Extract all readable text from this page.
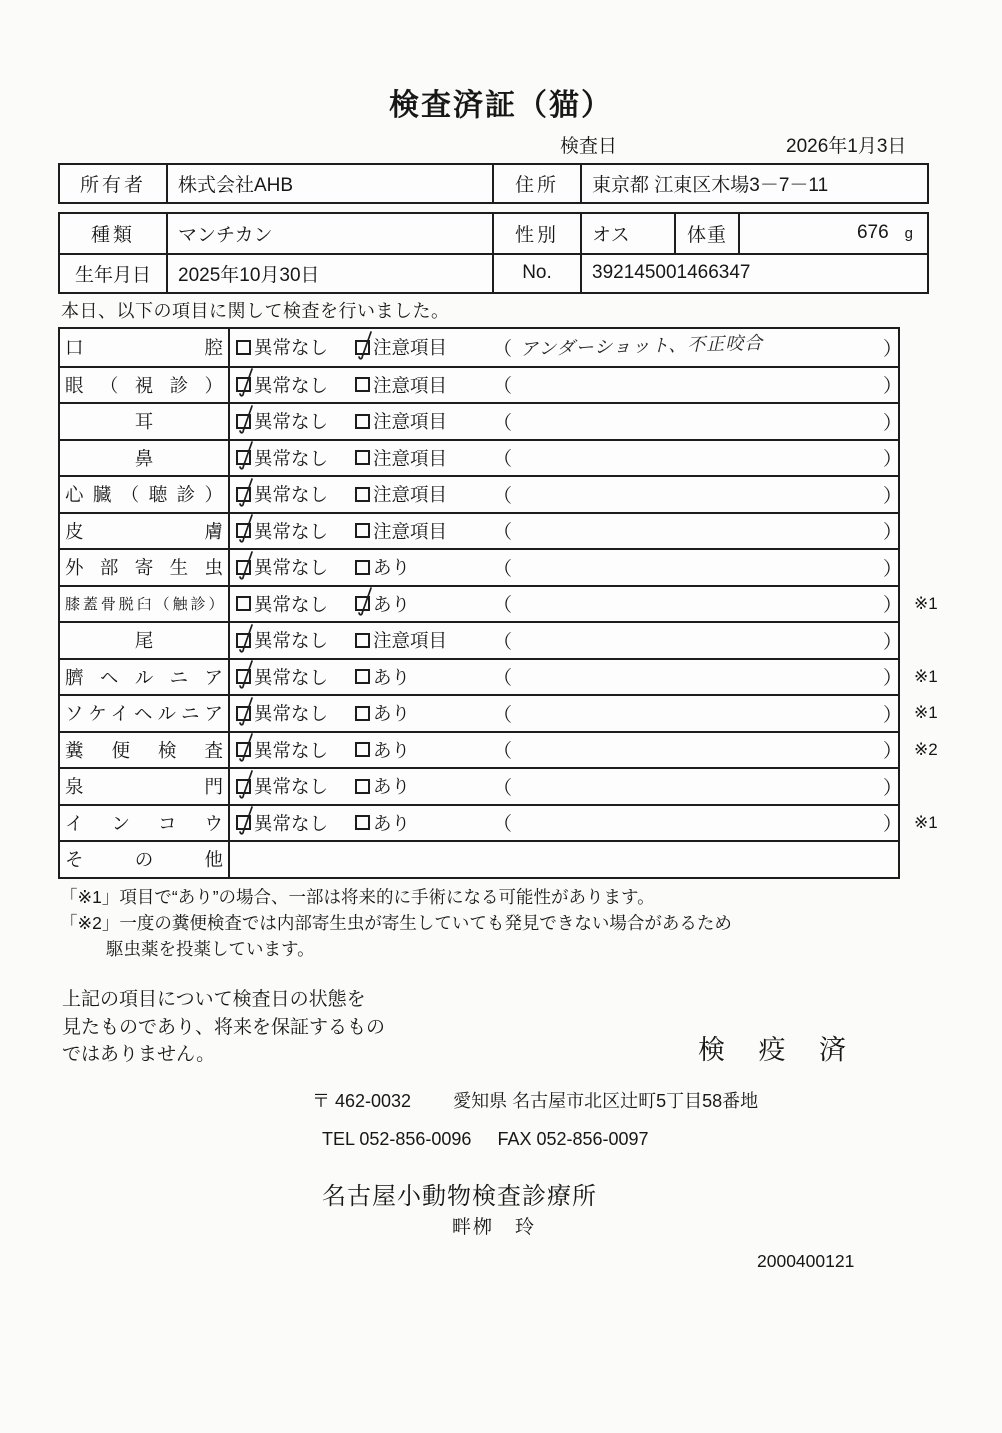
検査済証（猫）
検査日	2026年1月3日
所有者	株式会社AHB	住所	東京都 江東区木場3－7－11
種類	マンチカン	性別	オス	体重	676 g
生年月日	2025年10月30日	No.	392145001466347
本日、以下の項目に関して検査を行いました。
口腔 異常なし 注意項目 （ アンダーショット、不正咬合	）
眼（視診） 異常なし 注意項目 （	）
耳	異常なし 注意項目 （	）
鼻	異常なし 注意項目 （	）
心臓（聴診） 異常なし 注意項目 （	）
皮膚 異常なし 注意項目 （	）
外部寄生虫 異常なし あり	（	）
膝蓋骨脱臼（触診） 異常なし あり	（	） ※1
尾	異常なし 注意項目 （	）
臍ヘルニア 異常なし あり	（	） ※1
ソケイヘルニア 異常なし あり	（	） ※1
糞便検査 異常なし あり	（	） ※2
泉門 異常なし あり	（	）
インコウ 異常なし あり	（	） ※1
その他
「※1」項目で“あり”の場合、一部は将来的に手術になる可能性があります。
「※2」一度の糞便検査では内部寄生虫が寄生していても発見できない場合があるため
駆虫薬を投薬しています。
上記の項目について検査日の状態を
見たものであり、将来を保証するもの
ではありません。	検 疫 済
〒 462-0032 愛知県 名古屋市北区辻町5丁目58番地
TEL 052-856-0096 FAX 052-856-0097
名古屋小動物検査診療所
畔栁　玲
2000400121
